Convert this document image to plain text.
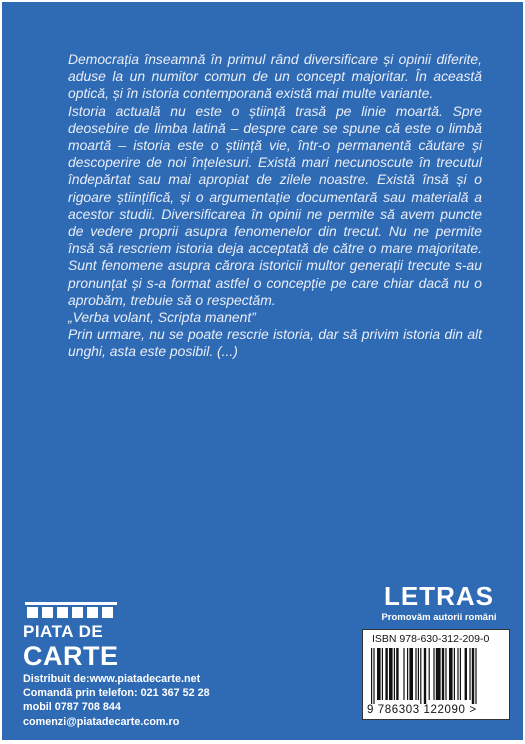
Democrația înseamnă în primul rând diversificare și opinii diferite, aduse la un numitor comun de un concept majoritar. În această optică, și în istoria contemporană există mai multe variante.

Istoria actuală nu este o știință trasă pe linie moartă. Spre deosebire de limba latină – despre care se spune că este o limbă moartă – istoria este o știință vie, într-o permanentă căutare și descoperire de noi înțelesuri. Există mari necunoscute în trecutul îndepărtat sau mai apropiat de zilele noastre. Există însă și o rigoare științifică, și o argumentație documentară sau materială a acestor studii. Diversificarea în opinii ne permite să avem puncte de vedere proprii asupra fenomenelor din trecut. Nu ne permite însă să rescriem istoria deja acceptată de către o mare majoritate. Sunt fenomene asupra cărora istoricii multor generații trecute s-au pronunțat și s-a format astfel o concepție pe care chiar dacă nu o aprobăm, trebuie să o respectăm.

„Verba volant, Scripta manent”

Prin urmare, nu se poate rescrie istoria, dar să privim istoria din alt unghi, asta este posibil. (...)

PIATA DE
CARTE
Distribuit de:www.piatadecarte.net
Comandă prin telefon: 021 367 52 28
mobil 0787 708 844
comenzi@piatadecarte.com.ro
LETRAS
Promovăm autorii români
ISBN 978-630-312-209-0
9 786303 122090 >
